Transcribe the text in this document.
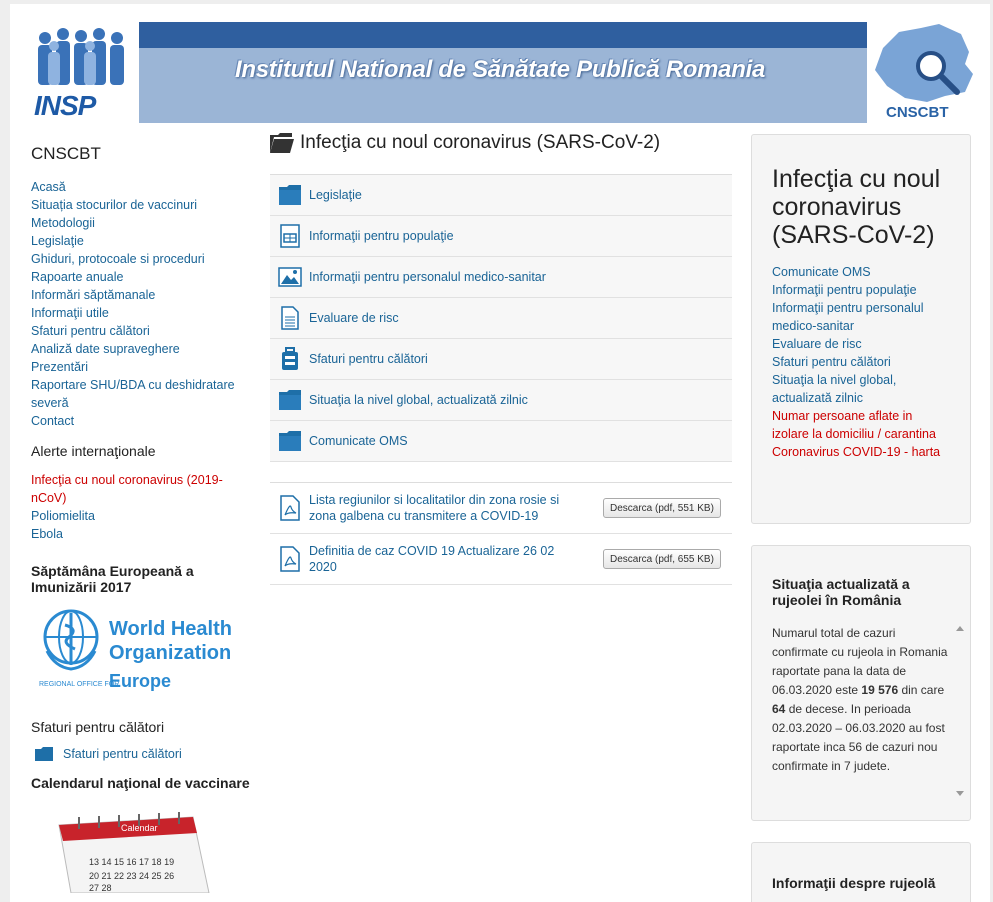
INSP
Institutul National de Sănătate Publică Romania
CNSCBT
CNSCBT
Acasă
Situația stocurilor de vaccinuri
Metodologii
Legislaţie
Ghiduri, protocoale si proceduri
Rapoarte anuale
Informări săptămanale
Informaţii utile
Sfaturi pentru călători
Analiză date supraveghere
Prezentări
Raportare SHU/BDA cu deshidratare severă
Contact
Alerte internaţionale
Infecţia cu noul coronavirus (2019-nCoV)
Poliomielita
Ebola
Săptămâna Europeană a Imunizării 2017
World Health Organization
REGIONAL OFFICE FOR
Europe
Sfaturi pentru călători
Sfaturi pentru călători
Calendarul naţional de vaccinare
Calendar
13 14 15 16 17 18 19
20 21 22 23 24 25 26
27 28
Infecţia cu noul coronavirus (SARS-CoV-2)
Legislaţie
Informaţii pentru populaţie
Informaţii pentru personalul medico-sanitar
Evaluare de risc
Sfaturi pentru călători
Situaţia la nivel global, actualizată zilnic
Comunicate OMS
Lista regiunilor si localitatilor din zona rosie si zona galbena cu transmitere a COVID-19
Descarca (pdf, 551 KB)
Definitia de caz COVID 19 Actualizare 26 02 2020
Descarca (pdf, 655 KB)
Infecţia cu noul coronavirus (SARS-CoV-2)
Comunicate OMS
Informaţii pentru populaţie
Informaţii pentru personalul medico-sanitar
Evaluare de risc
Sfaturi pentru călători
Situaţia la nivel global, actualizată zilnic
Numar persoane aflate in izolare la domiciliu / carantina
Coronavirus COVID-19 - harta
Situaţia actualizată a rujeolei în România

Numarul total de cazuri confirmate cu rujeola in Romania raportate pana la data de 06.03.2020 este 19 576 din care 64 de decese. In perioada 02.03.2020 – 06.03.2020 au fost raportate inca 56 de cazuri nou confirmate in 7 judete.

Informaţii despre rujeolă
